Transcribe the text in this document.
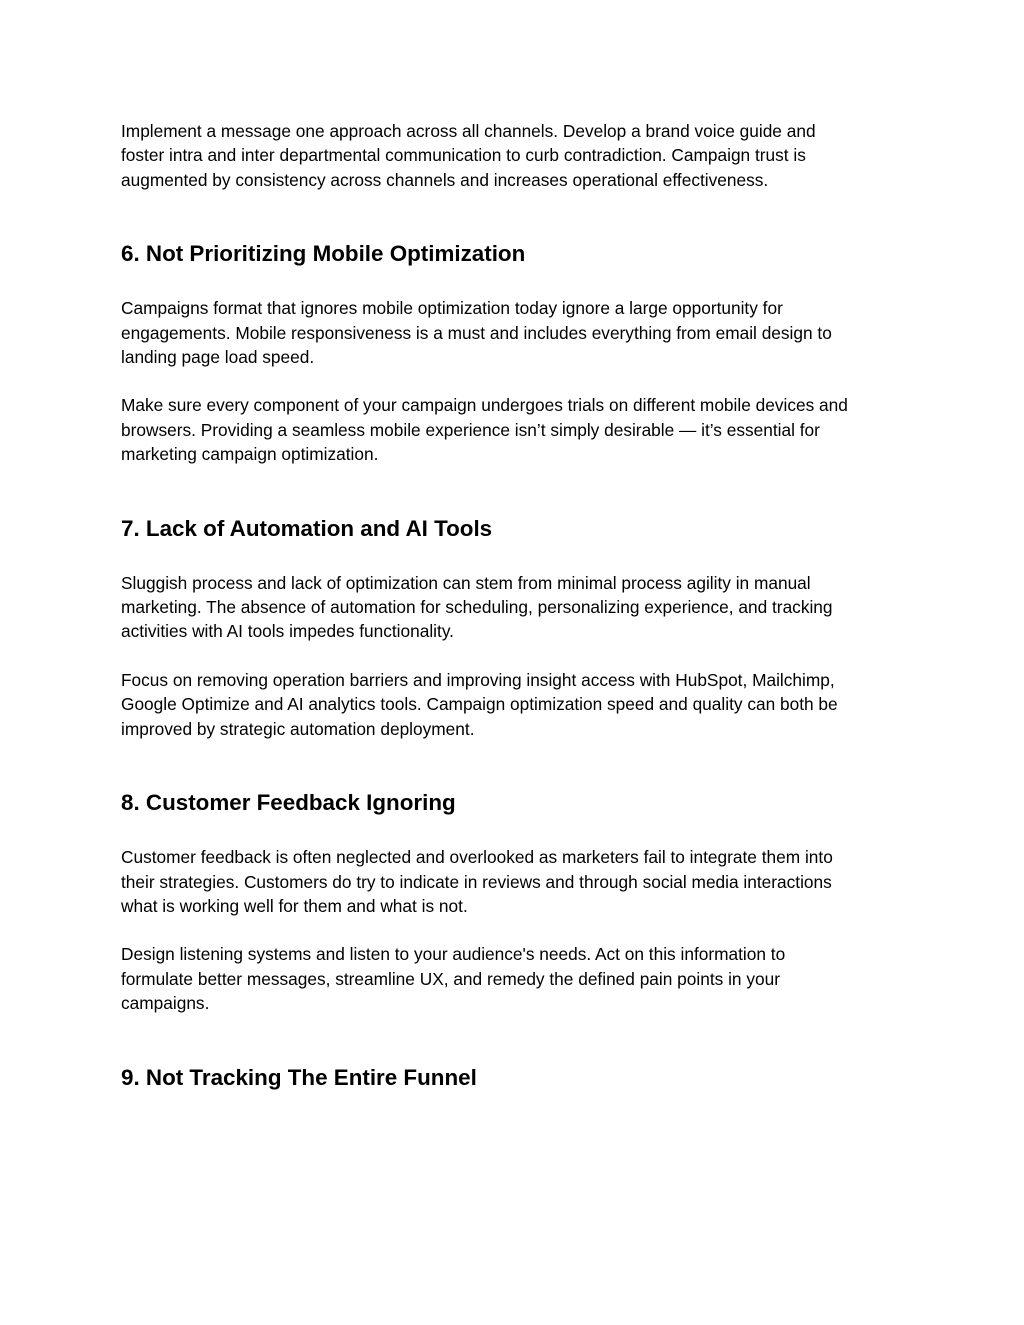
Implement a message one approach across all channels. Develop a brand voice guide and
foster intra and inter departmental communication to curb contradiction. Campaign trust is
augmented by consistency across channels and increases operational effectiveness.

6. Not Prioritizing Mobile Optimization

Campaigns format that ignores mobile optimization today ignore a large opportunity for
engagements. Mobile responsiveness is a must and includes everything from email design to
landing page load speed.

Make sure every component of your campaign undergoes trials on different mobile devices and
browsers. Providing a seamless mobile experience isn’t simply desirable — it’s essential for
marketing campaign optimization.

7. Lack of Automation and AI Tools

Sluggish process and lack of optimization can stem from minimal process agility in manual
marketing. The absence of automation for scheduling, personalizing experience, and tracking
activities with AI tools impedes functionality.

Focus on removing operation barriers and improving insight access with HubSpot, Mailchimp,
Google Optimize and AI analytics tools. Campaign optimization speed and quality can both be
improved by strategic automation deployment.

8. Customer Feedback Ignoring

Customer feedback is often neglected and overlooked as marketers fail to integrate them into
their strategies. Customers do try to indicate in reviews and through social media interactions
what is working well for them and what is not.

Design listening systems and listen to your audience's needs. Act on this information to
formulate better messages, streamline UX, and remedy the defined pain points in your
campaigns.

9. Not Tracking The Entire Funnel
